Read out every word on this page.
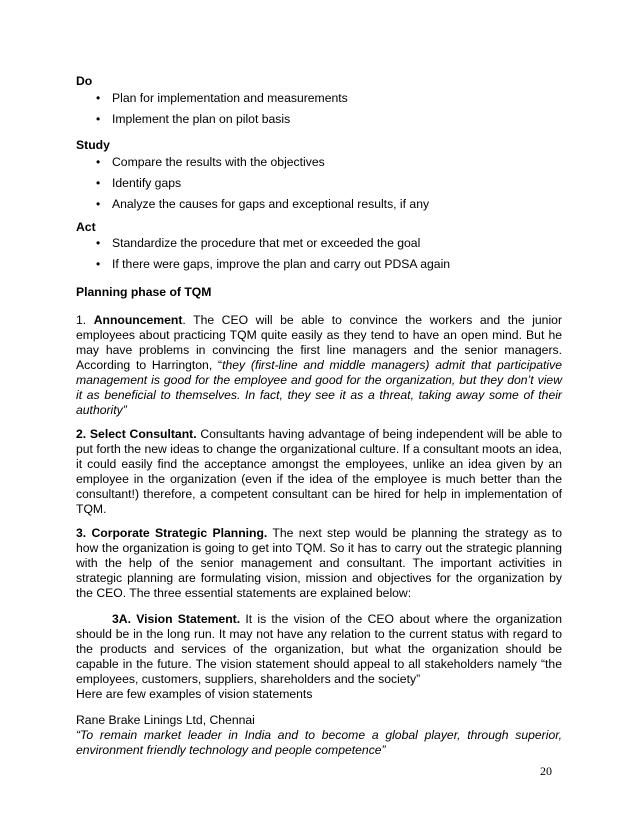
Do
• Plan for implementation and measurements
• Implement the plan on pilot basis
Study
• Compare the results with the objectives
• Identify gaps
• Analyze the causes for gaps and exceptional results, if any
Act
• Standardize the procedure that met or exceeded the goal
• If there were gaps, improve the plan and carry out PDSA again
Planning phase of TQM
1. Announcement. The CEO will be able to convince the workers and the junior employees about practicing TQM quite easily as they tend to have an open mind. But he may have problems in convincing the first line managers and the senior managers. According to Harrington, “they (first-line and middle managers) admit that participative management is good for the employee and good for the organization, but they don’t view it as beneficial to themselves. In fact, they see it as a threat, taking away some of their authority”
2. Select Consultant. Consultants having advantage of being independent will be able to put forth the new ideas to change the organizational culture. If a consultant moots an idea, it could easily find the acceptance amongst the employees, unlike an idea given by an employee in the organization (even if the idea of the employee is much better than the consultant!) therefore, a competent consultant can be hired for help in implementation of TQM.
3. Corporate Strategic Planning. The next step would be planning the strategy as to how the organization is going to get into TQM. So it has to carry out the strategic planning with the help of the senior management and consultant. The important activities in strategic planning are formulating vision, mission and objectives for the organization by the CEO. The three essential statements are explained below:
3A. Vision Statement. It is the vision of the CEO about where the organization should be in the long run. It may not have any relation to the current status with regard to the products and services of the organization, but what the organization should be capable in the future. The vision statement should appeal to all stakeholders namely “the employees, customers, suppliers, shareholders and the society”
Here are few examples of vision statements
Rane Brake Linings Ltd, Chennai
“To remain market leader in India and to become a global player, through superior, environment friendly technology and people competence”
20
